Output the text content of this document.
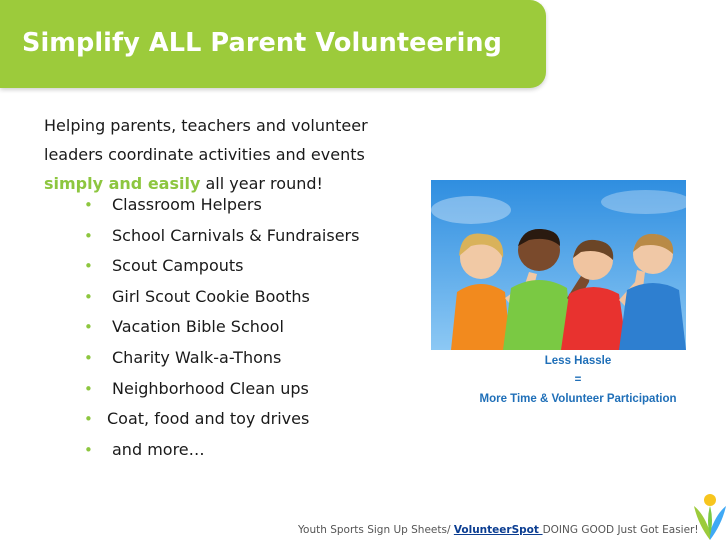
Simplify ALL Parent Volunteering
Helping parents, teachers and volunteer
leaders coordinate activities and events
simply and easily all year round!
• Classroom Helpers
• School Carnivals & Fundraisers
• Scout Campouts
• Girl Scout Cookie Booths
• Vacation Bible School
• Charity Walk-a-Thons
• Neighborhood Clean ups
• Coat, food and toy drives
• and more…
Less Hassle
=
More Time & Volunteer Participation
Youth Sports Sign Up Sheets/ VolunteerSpot DOING GOOD Just Got Easier!
